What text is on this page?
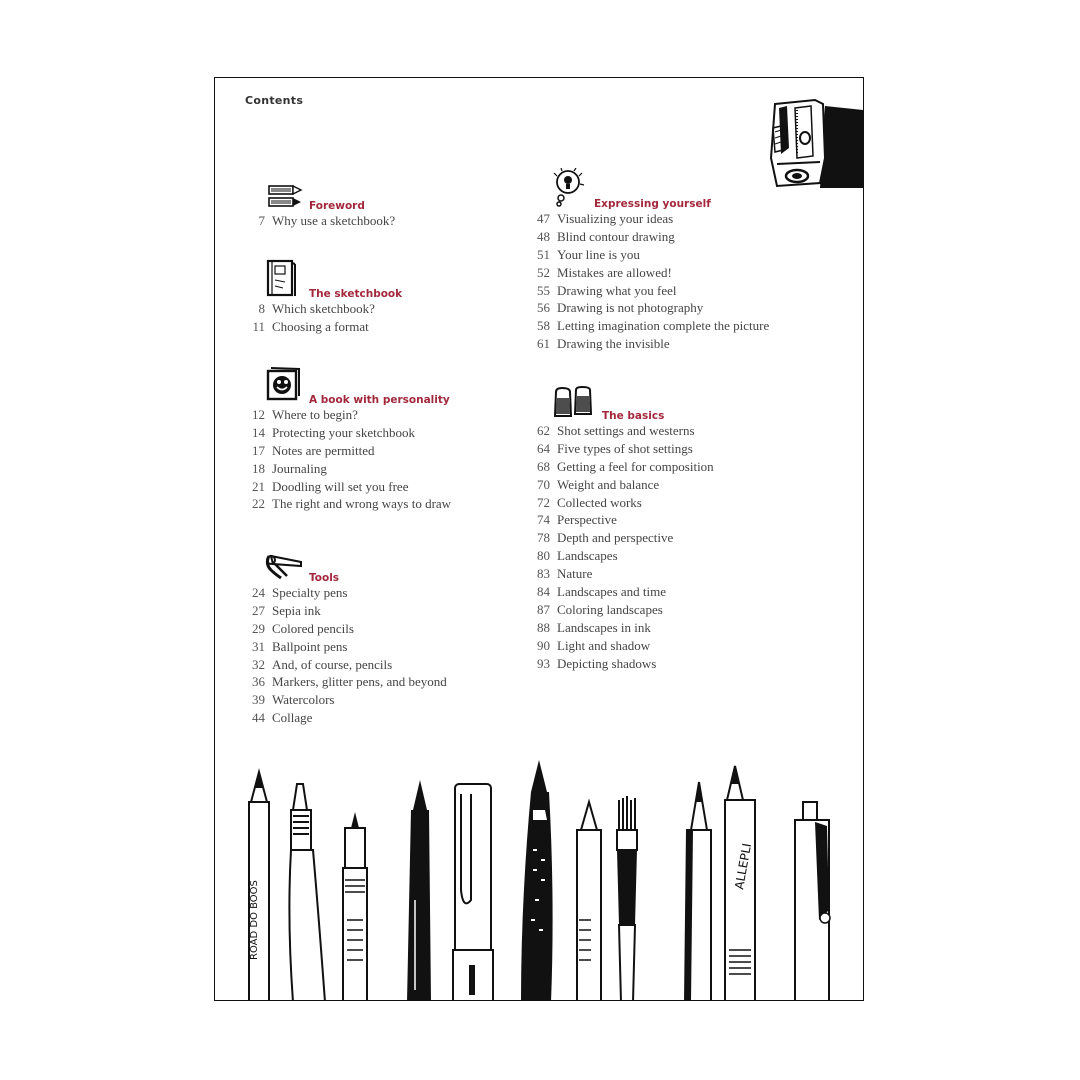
Contents
Foreword
7 Why use a sketchbook?
The sketchbook
8 Which sketchbook?
11 Choosing a format
A book with personality
12 Where to begin?
14 Protecting your sketchbook
17 Notes are permitted
18 Journaling
21 Doodling will set you free
22 The right and wrong ways to draw
Tools
24 Specialty pens
27 Sepia ink
29 Colored pencils
31 Ballpoint pens
32 And, of course, pencils
36 Markers, glitter pens, and beyond
39 Watercolors
44 Collage
Expressing yourself
47 Visualizing your ideas
48 Blind contour drawing
51 Your line is you
52 Mistakes are allowed!
55 Drawing what you feel
56 Drawing is not photography
58 Letting imagination complete the picture
61 Drawing the invisible
The basics
62 Shot settings and westerns
64 Five types of shot settings
68 Getting a feel for composition
70 Weight and balance
72 Collected works
74 Perspective
78 Depth and perspective
80 Landscapes
83 Nature
84 Landscapes and time
87 Coloring landscapes
88 Landscapes in ink
90 Light and shadow
93 Depicting shadows
ROAD DO BOOS
ALLEPLI
